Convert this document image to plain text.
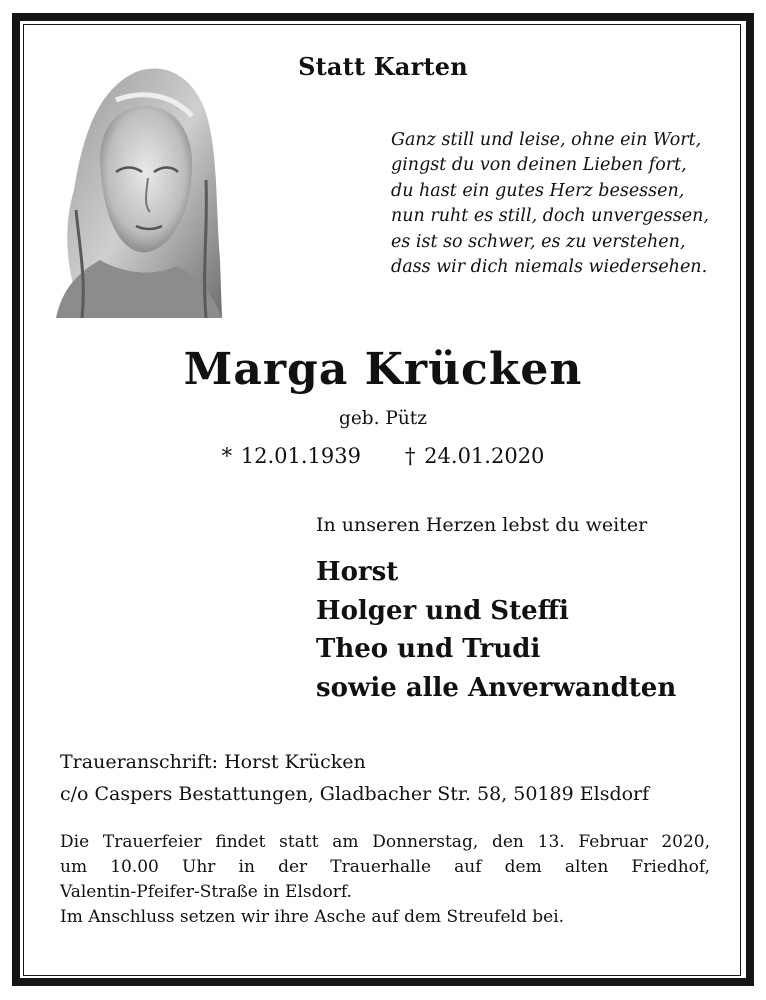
Statt Karten
Ganz still und leise, ohne ein Wort,
gingst du von deinen Lieben fort,
du hast ein gutes Herz besessen,
nun ruht es still, doch unvergessen,
es ist so schwer, es zu verstehen,
dass wir dich niemals wiedersehen.
Marga Krücken
geb. Pütz
* 12.01.1939 † 24.01.2020
In unseren Herzen lebst du weiter
Horst
Holger und Steffi
Theo und Trudi
sowie alle Anverwandten
Traueranschrift: Horst Krücken
c/o Caspers Bestattungen, Gladbacher Str. 58, 50189 Elsdorf
Die Trauerfeier findet statt am Donnerstag, den 13. Februar 2020,
um 10.00 Uhr in der Trauerhalle auf dem alten Friedhof,
Valentin-Pfeifer-Straße in Elsdorf.
Im Anschluss setzen wir ihre Asche auf dem Streufeld bei.
